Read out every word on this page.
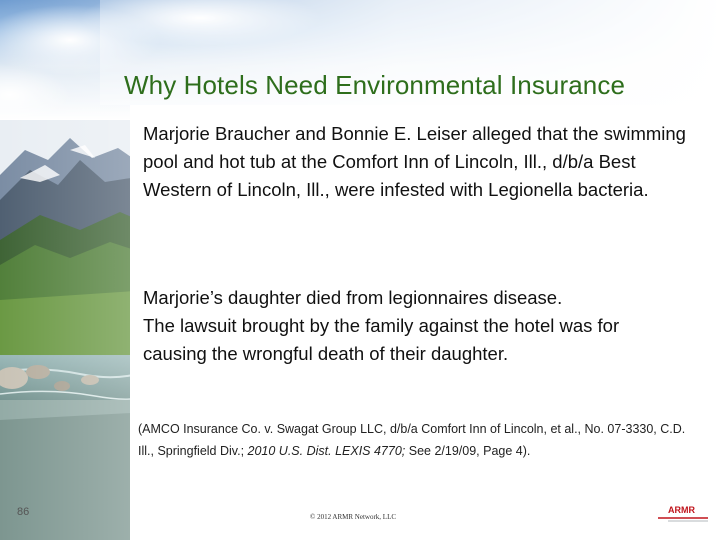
Why Hotels Need Environmental Insurance
Marjorie Braucher and Bonnie E. Leiser alleged that the swimming pool and hot tub at the Comfort Inn of Lincoln, Ill., d/b/a Best Western of Lincoln, Ill., were infested with Legionella bacteria.
Marjorie’s daughter died from legionnaires disease.
The lawsuit brought by the family against the hotel was for causing the wrongful death of their daughter.
(AMCO Insurance Co. v. Swagat Group LLC, d/b/a Comfort Inn of Lincoln, et al., No. 07-3330, C.D. Ill., Springfield Div.; 2010 U.S. Dist. LEXIS 4770; See 2/19/09, Page 4).
86	© 2012 ARMR Network, LLC
ARMR
